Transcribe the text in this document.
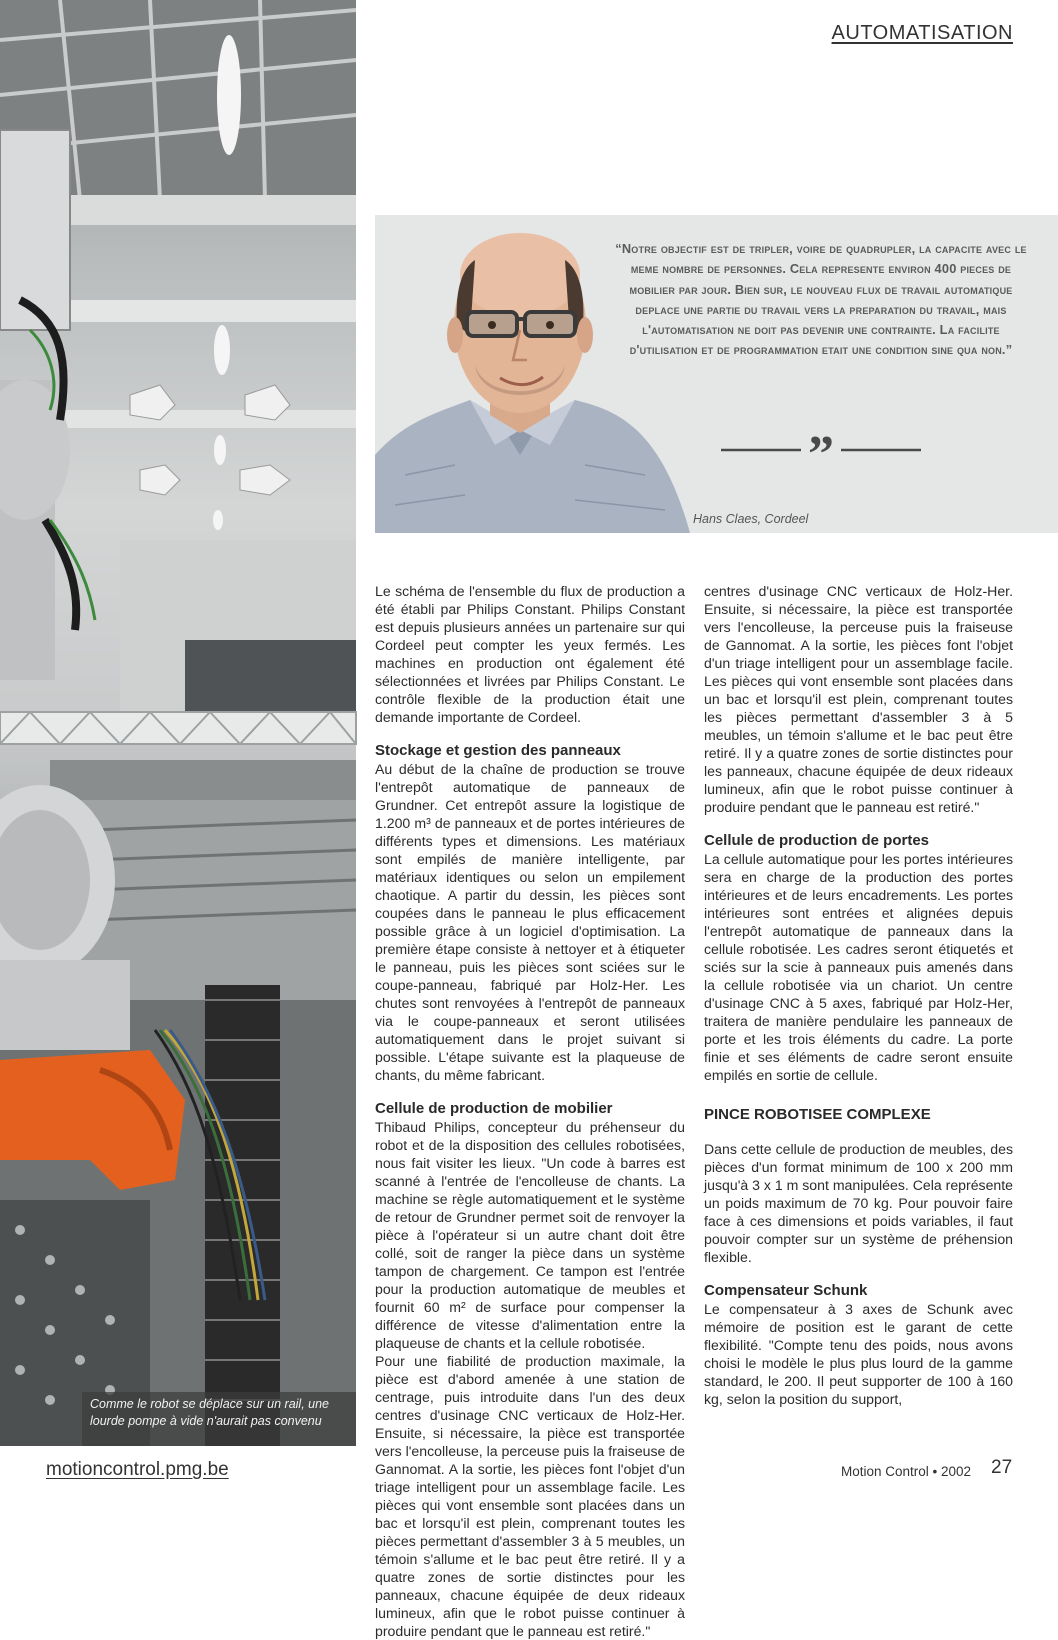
Comme le robot se déplace sur un rail, une lourde pompe à vide n'aurait pas convenu
AUTOMATISATION
“Notre objectif est de tripler, voire de quadrupler, la capacite avec le meme nombre de personnes. Cela represente environ 400 pieces de mobilier par jour. Bien sur, le nouveau flux de travail automatique deplace une partie du travail vers la preparation du travail, mais l'automatisation ne doit pas devenir une contrainte. La facilite d'utilisation et de programmation etait une condition sine qua non.”
”
Hans Claes, Cordeel

Le schéma de l'ensemble du flux de production a été établi par Philips Constant. Philips Constant est depuis plusieurs années un partenaire sur qui Cordeel peut compter les yeux fermés. Les machines en production ont également été sélectionnées et livrées par Philips Constant. Le contrôle flexible de la production était une demande importante de Cordeel.

Stockage et gestion des panneaux

Au début de la chaîne de production se trouve l'entrepôt automatique de panneaux de Grundner. Cet entrepôt assure la logistique de 1.200 m³ de panneaux et de portes intérieures de différents types et dimensions. Les matériaux sont empilés de manière intelligente, par matériaux identiques ou selon un empilement chaotique. A partir du dessin, les pièces sont coupées dans le panneau le plus efficacement possible grâce à un logiciel d'optimisation. La première étape consiste à nettoyer et à étiqueter le panneau, puis les pièces sont sciées sur le coupe-panneau, fabriqué par Holz-Her. Les chutes sont renvoyées à l'entrepôt de panneaux via le coupe-panneaux et seront utilisées automatiquement dans le projet suivant si possible. L'étape suivante est la plaqueuse de chants, du même fabricant.

Cellule de production de mobilier

Thibaud Philips, concepteur du préhenseur du robot et de la disposition des cellules robotisées, nous fait visiter les lieux. "Un code à barres est scanné à l'entrée de l'encolleuse de chants. La machine se règle automatiquement et le système de retour de Grundner permet soit de renvoyer la pièce à l'opérateur si un autre chant doit être collé, soit de ranger la pièce dans un système tampon de chargement. Ce tampon est l'entrée pour la production automatique de meubles et fournit 60 m² de surface pour compenser la différence de vitesse d'alimentation entre la plaqueuse de chants et la cellule robotisée.

Pour une fiabilité de production maximale, la pièce est d'abord amenée à une station de centrage, puis introduite dans l'un des deux centres d'usinage CNC verticaux de Holz-Her. Ensuite, si nécessaire, la pièce est transportée vers l'encolleuse, la perceuse puis la fraiseuse de Gannomat. A la sortie, les pièces font l'objet d'un triage intelligent pour un assemblage facile. Les pièces qui vont ensemble sont placées dans un bac et lorsqu'il est plein, comprenant toutes les pièces permettant d'assembler 3 à 5 meubles, un témoin s'allume et le bac peut être retiré. Il y a quatre zones de sortie distinctes pour les panneaux, chacune équipée de deux rideaux lumineux, afin que le robot puisse continuer à produire pendant que le panneau est retiré."

centres d'usinage CNC verticaux de Holz-Her. Ensuite, si nécessaire, la pièce est transportée vers l'encolleuse, la perceuse puis la fraiseuse de Gannomat. A la sortie, les pièces font l'objet d'un triage intelligent pour un assemblage facile. Les pièces qui vont ensemble sont placées dans un bac et lorsqu'il est plein, comprenant toutes les pièces permettant d'assembler 3 à 5 meubles, un témoin s'allume et le bac peut être retiré. Il y a quatre zones de sortie distinctes pour les panneaux, chacune équipée de deux rideaux lumineux, afin que le robot puisse continuer à produire pendant que le panneau est retiré."

Cellule de production de portes

La cellule automatique pour les portes intérieures sera en charge de la production des portes intérieures et de leurs encadrements. Les portes intérieures sont entrées et alignées depuis l'entrepôt automatique de panneaux dans la cellule robotisée. Les cadres seront étiquetés et sciés sur la scie à panneaux puis amenés dans la cellule robotisée via un chariot. Un centre d'usinage CNC à 5 axes, fabriqué par Holz-Her, traitera de manière pendulaire les panneaux de porte et les trois éléments du cadre. La porte finie et ses éléments de cadre seront ensuite empilés en sortie de cellule.

PINCE ROBOTISEE COMPLEXE

Dans cette cellule de production de meubles, des pièces d'un format minimum de 100 x 200 mm jusqu'à 3 x 1 m sont manipulées. Cela représente un poids maximum de 70 kg. Pour pouvoir faire face à ces dimensions et poids variables, il faut pouvoir compter sur un système de préhension flexible.

Compensateur Schunk

Le compensateur à 3 axes de Schunk avec mémoire de position est le garant de cette flexibilité. "Compte tenu des poids, nous avons choisi le modèle le plus plus lourd de la gamme standard, le 200. Il peut supporter de 100 à 160 kg, selon la position du support,

motioncontrol.pmg.be	Motion Control • 2002 27
